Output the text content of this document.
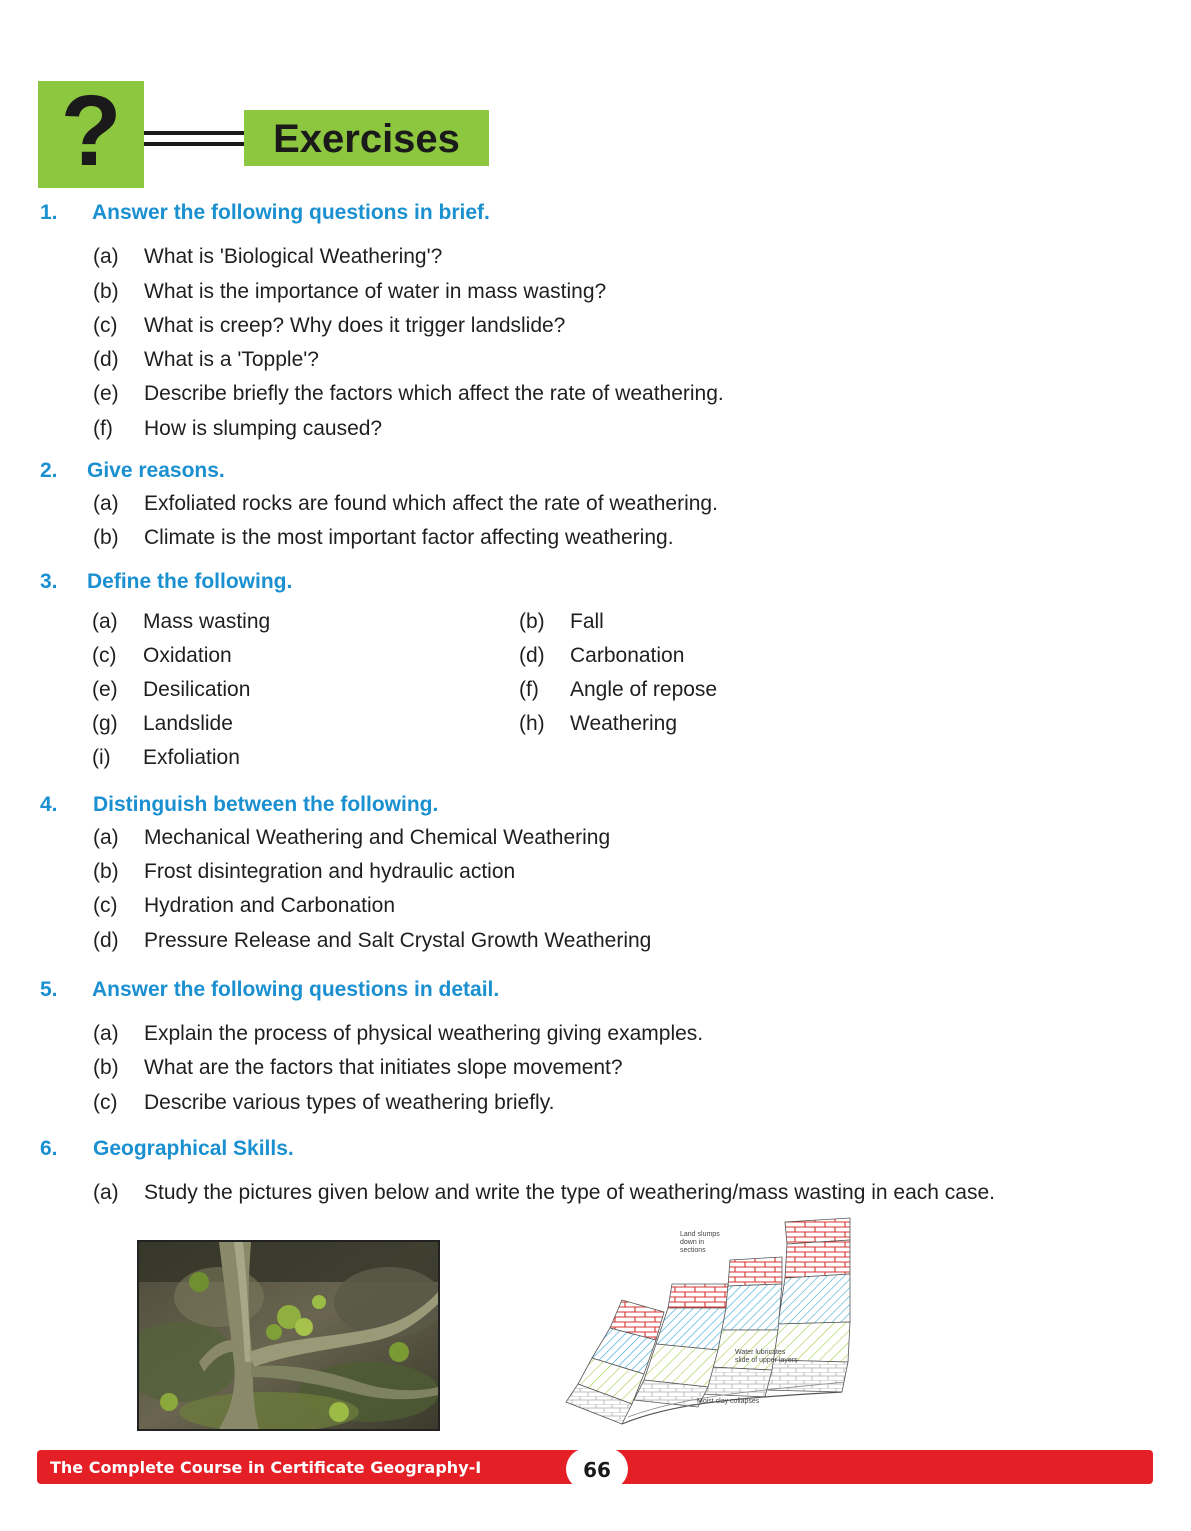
?	Exercises
1. Answer the following questions in brief.
(a) What is 'Biological Weathering'?
(b) What is the importance of water in mass wasting?
(c) What is creep? Why does it trigger landslide?
(d) What is a 'Topple'?
(e) Describe briefly the factors which affect the rate of weathering.
(f) How is slumping caused?
2. Give reasons.
(a) Exfoliated rocks are found which affect the rate of weathering.
(b) Climate is the most important factor affecting weathering.
3. Define the following.
(a) Mass wasting	(b) Fall
(c) Oxidation	(d) Carbonation
(e) Desilication	(f) Angle of repose
(g) Landslide	(h) Weathering
(i) Exfoliation
4. Distinguish between the following.
(a) Mechanical Weathering and Chemical Weathering
(b) Frost disintegration and hydraulic action
(c) Hydration and Carbonation
(d) Pressure Release and Salt Crystal Growth Weathering
5. Answer the following questions in detail.
(a) Explain the process of physical weathering giving examples.
(b) What are the factors that initiates slope movement?
(c) Describe various types of weathering briefly.
6. Geographical Skills.
(a) Study the pictures given below and write the type of weathering/mass wasting in each case.
Land slumps
down in
sections
Water lubricates
slide of upper layers
Moist clay collapses
The Complete Course in Certificate Geography-I	66
